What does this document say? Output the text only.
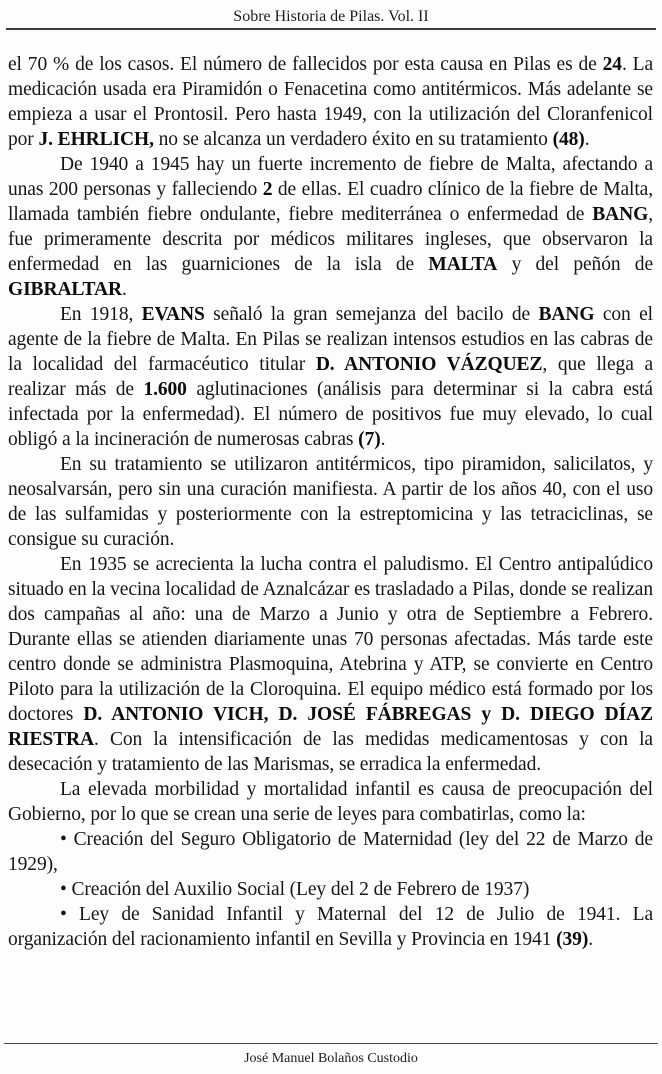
Sobre Historia de Pilas. Vol. II

el 70 % de los casos. El número de fallecidos por esta causa en Pilas es de 24. La medicación usada era Piramidón o Fenacetina como antitérmicos. Más adelante se empieza a usar el Prontosil. Pero hasta 1949, con la utilización del Cloranfenicol por J. EHRLICH, no se alcanza un verdadero éxito en su tratamiento (48).

De 1940 a 1945 hay un fuerte incremento de fiebre de Malta, afectando a unas 200 personas y falleciendo 2 de ellas. El cuadro clínico de la fiebre de Malta, llamada también fiebre ondulante, fiebre mediterránea o enfermedad de BANG, fue primeramente descrita por médicos militares ingleses, que observaron la enfermedad en las guarniciones de la isla de MALTA y del peñón de GIBRALTAR.

En 1918, EVANS señaló la gran semejanza del bacilo de BANG con el agente de la fiebre de Malta. En Pilas se realizan intensos estudios en las cabras de la localidad del farmacéutico titular D. ANTONIO VÁZQUEZ, que llega a realizar más de 1.600 aglutinaciones (análisis para determinar si la cabra está infectada por la enfermedad). El número de positivos fue muy elevado, lo cual obligó a la incineración de numerosas cabras (7).

En su tratamiento se utilizaron antitérmicos, tipo piramidon, salicilatos, y neosalvarsán, pero sin una curación manifiesta. A partir de los años 40, con el uso de las sulfamidas y posteriormente con la estreptomicina y las tetraciclinas, se consigue su curación.

En 1935 se acrecienta la lucha contra el paludismo. El Centro antipalúdico situado en la vecina localidad de Aznalcázar es trasladado a Pilas, donde se realizan dos campañas al año: una de Marzo a Junio y otra de Septiembre a Febrero. Durante ellas se atienden diariamente unas 70 personas afectadas. Más tarde este centro donde se administra Plasmoquina, Atebrina y ATP, se convierte en Centro Piloto para la utilización de la Cloroquina. El equipo médico está formado por los doctores D. ANTONIO VICH, D. JOSÉ FÁBREGAS y D. DIEGO DÍAZ RIESTRA. Con la intensificación de las medidas medicamentosas y con la desecación y tratamiento de las Marismas, se erradica la enfermedad.

La elevada morbilidad y mortalidad infantil es causa de preocupación del Gobierno, por lo que se crean una serie de leyes para combatirlas, como la:

• Creación del Seguro Obligatorio de Maternidad (ley del 22 de Marzo de 1929),

• Creación del Auxilio Social (Ley del 2 de Febrero de 1937)

• Ley de Sanidad Infantil y Maternal del 12 de Julio de 1941. La organización del racionamiento infantil en Sevilla y Provincia en 1941 (39).

José Manuel Bolaños Custodio
